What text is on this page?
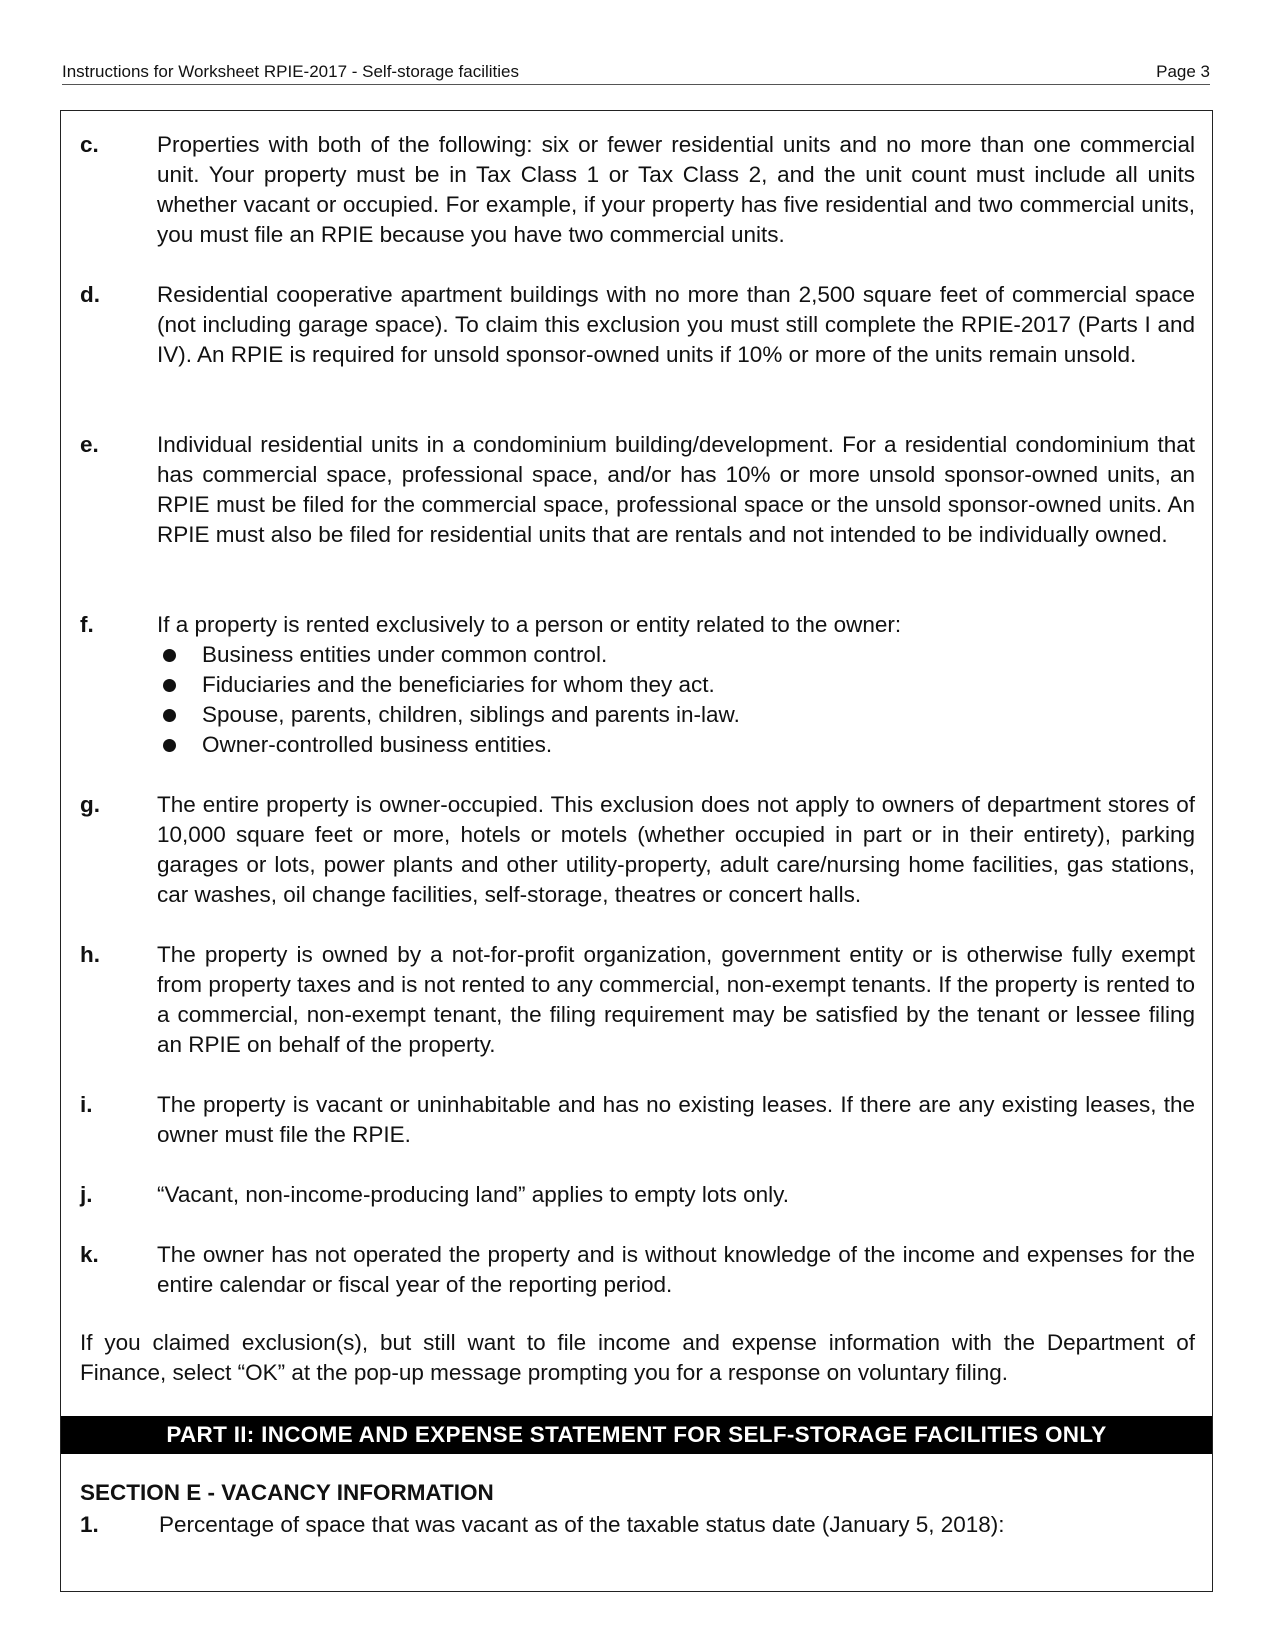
Instructions for Worksheet RPIE-2017 - Self-storage facilities	Page 3
c.	Properties with both of the following: six or fewer residential units and no more than one commercial unit. Your property must be in Tax Class 1 or Tax Class 2, and the unit count must include all units whether vacant or occupied. For example, if your property has five residential and two commercial units, you must file an RPIE because you have two commercial units.
d.	Residential cooperative apartment buildings with no more than 2,500 square feet of commercial space (not including garage space). To claim this exclusion you must still complete the RPIE-2017 (Parts I and IV). An RPIE is required for unsold sponsor-owned units if 10% or more of the units remain unsold.
e.	Individual residential units in a condominium building/development. For a residential condominium that has commercial space, professional space, and/or has 10% or more unsold sponsor-owned units, an RPIE must be filed for the commercial space, professional space or the unsold sponsor-owned units. An RPIE must also be filed for residential units that are rentals and not intended to be individually owned.
f.	If a property is rented exclusively to a person or entity related to the owner:
Business entities under common control.
Fiduciaries and the beneficiaries for whom they act.
Spouse, parents, children, siblings and parents in-law.
Owner-controlled business entities.
g.	The entire property is owner-occupied. This exclusion does not apply to owners of department stores of 10,000 square feet or more, hotels or motels (whether occupied in part or in their entirety), parking garages or lots, power plants and other utility-property, adult care/nursing home facilities, gas stations, car washes, oil change facilities, self-storage, theatres or concert halls.
h.	The property is owned by a not-for-profit organization, government entity or is otherwise fully exempt from property taxes and is not rented to any commercial, non-exempt tenants. If the property is rented to a commercial, non-exempt tenant, the filing requirement may be satisfied by the tenant or lessee filing an RPIE on behalf of the property.
i.	The property is vacant or uninhabitable and has no existing leases. If there are any existing leases, the owner must file the RPIE.
j.	“Vacant, non-income-producing land” applies to empty lots only.
k.	The owner has not operated the property and is without knowledge of the income and expenses for the entire calendar or fiscal year of the reporting period.
If you claimed exclusion(s), but still want to file income and expense information with the Department of Finance, select “OK” at the pop-up message prompting you for a response on voluntary filing.
PART II: INCOME AND EXPENSE STATEMENT FOR SELF-STORAGE FACILITIES ONLY
SECTION E - VACANCY INFORMATION
1.	Percentage of space that was vacant as of the taxable status date (January 5, 2018):
